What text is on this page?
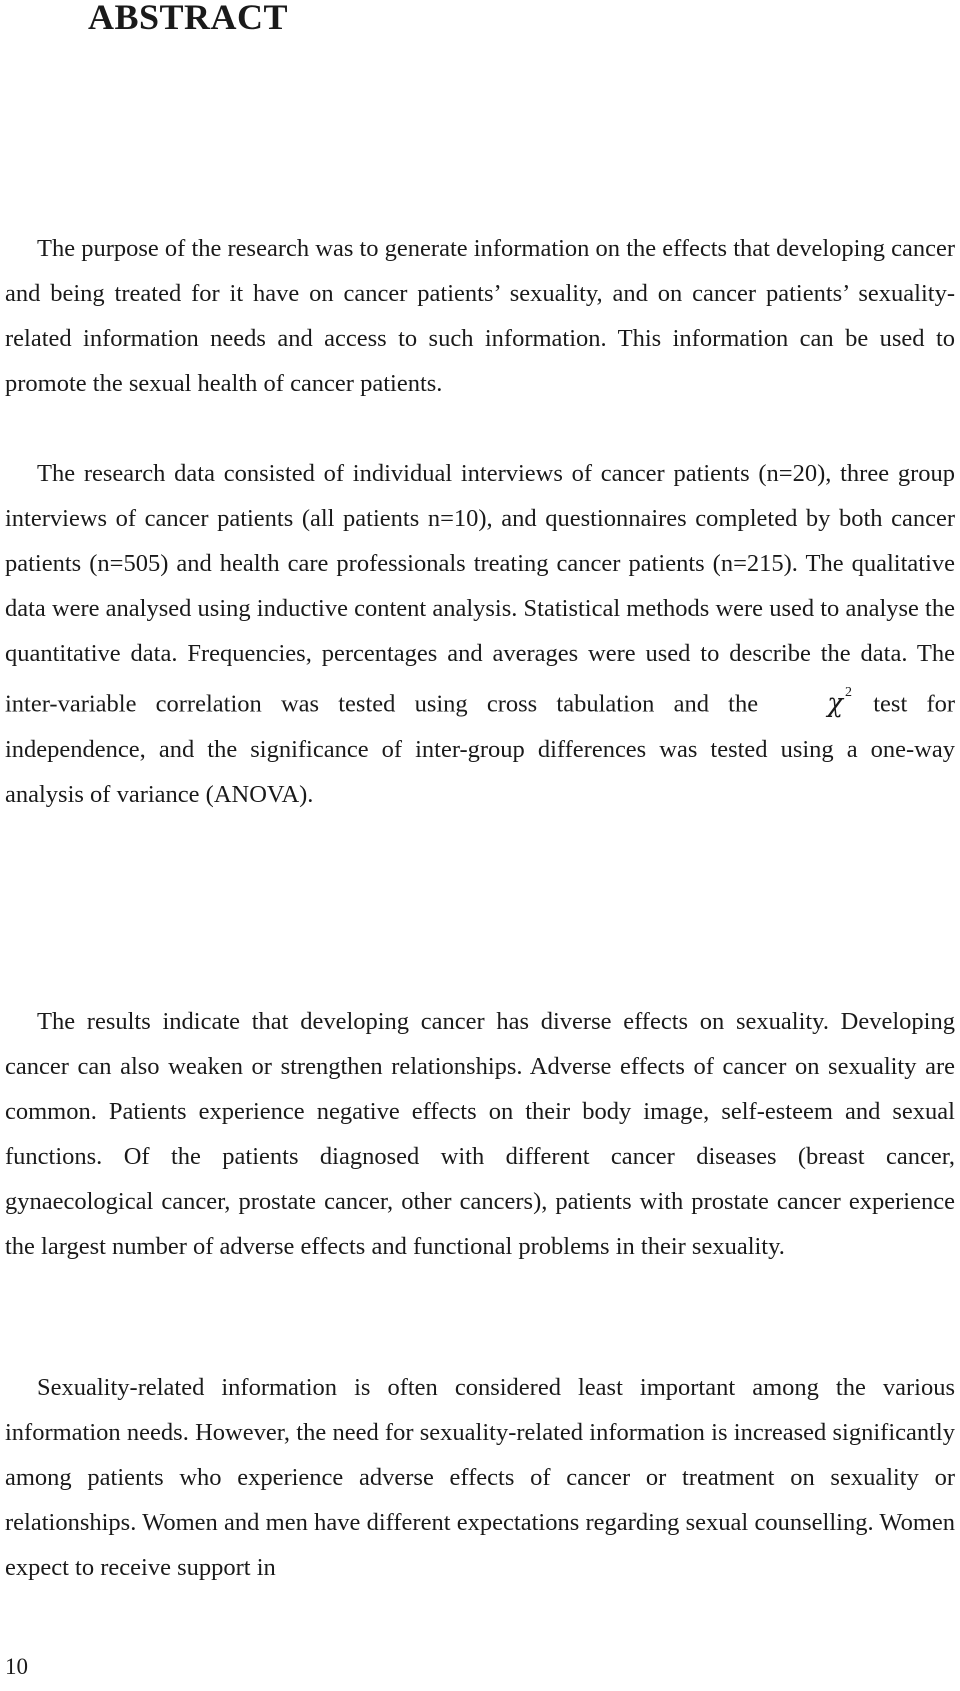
ABSTRACT

The purpose of the research was to generate information on the effects that developing cancer and being treated for it have on cancer patients’ sexuality, and on cancer patients’ sexuality-related information needs and access to such information. This information can be used to promote the sexual health of cancer patients.

The research data consisted of individual interviews of cancer patients (n=20), three group interviews of cancer patients (all patients n=10), and questionnaires completed by both cancer patients (n=505) and health care professionals treating cancer patients (n=215). The qualitative data were analysed using inductive content analysis. Statistical methods were used to analyse the quantitative data. Frequencies, percentages and averages were used to describe the data. The inter-variable correlation was tested using cross tabulation and the	χ $^2$ test for independence, and the significance of inter-group differences was tested using a one-way analysis of variance (ANOVA).

The results indicate that developing cancer has diverse effects on sexuality. Developing cancer can also weaken or strengthen relationships. Adverse effects of cancer on sexuality are common. Patients experience negative effects on their body image, self-esteem and sexual functions. Of the patients diagnosed with different cancer diseases (breast cancer, gynaecological cancer, prostate cancer, other cancers), patients with prostate cancer experience the largest number of adverse effects and functional problems in their sexuality.

Sexuality-related information is often considered least important among the various information needs. However, the need for sexuality-related information is increased significantly among patients who experience adverse effects of cancer or treatment on sexuality or relationships. Women and men have different expectations regarding sexual counselling. Women expect to receive support in

10
